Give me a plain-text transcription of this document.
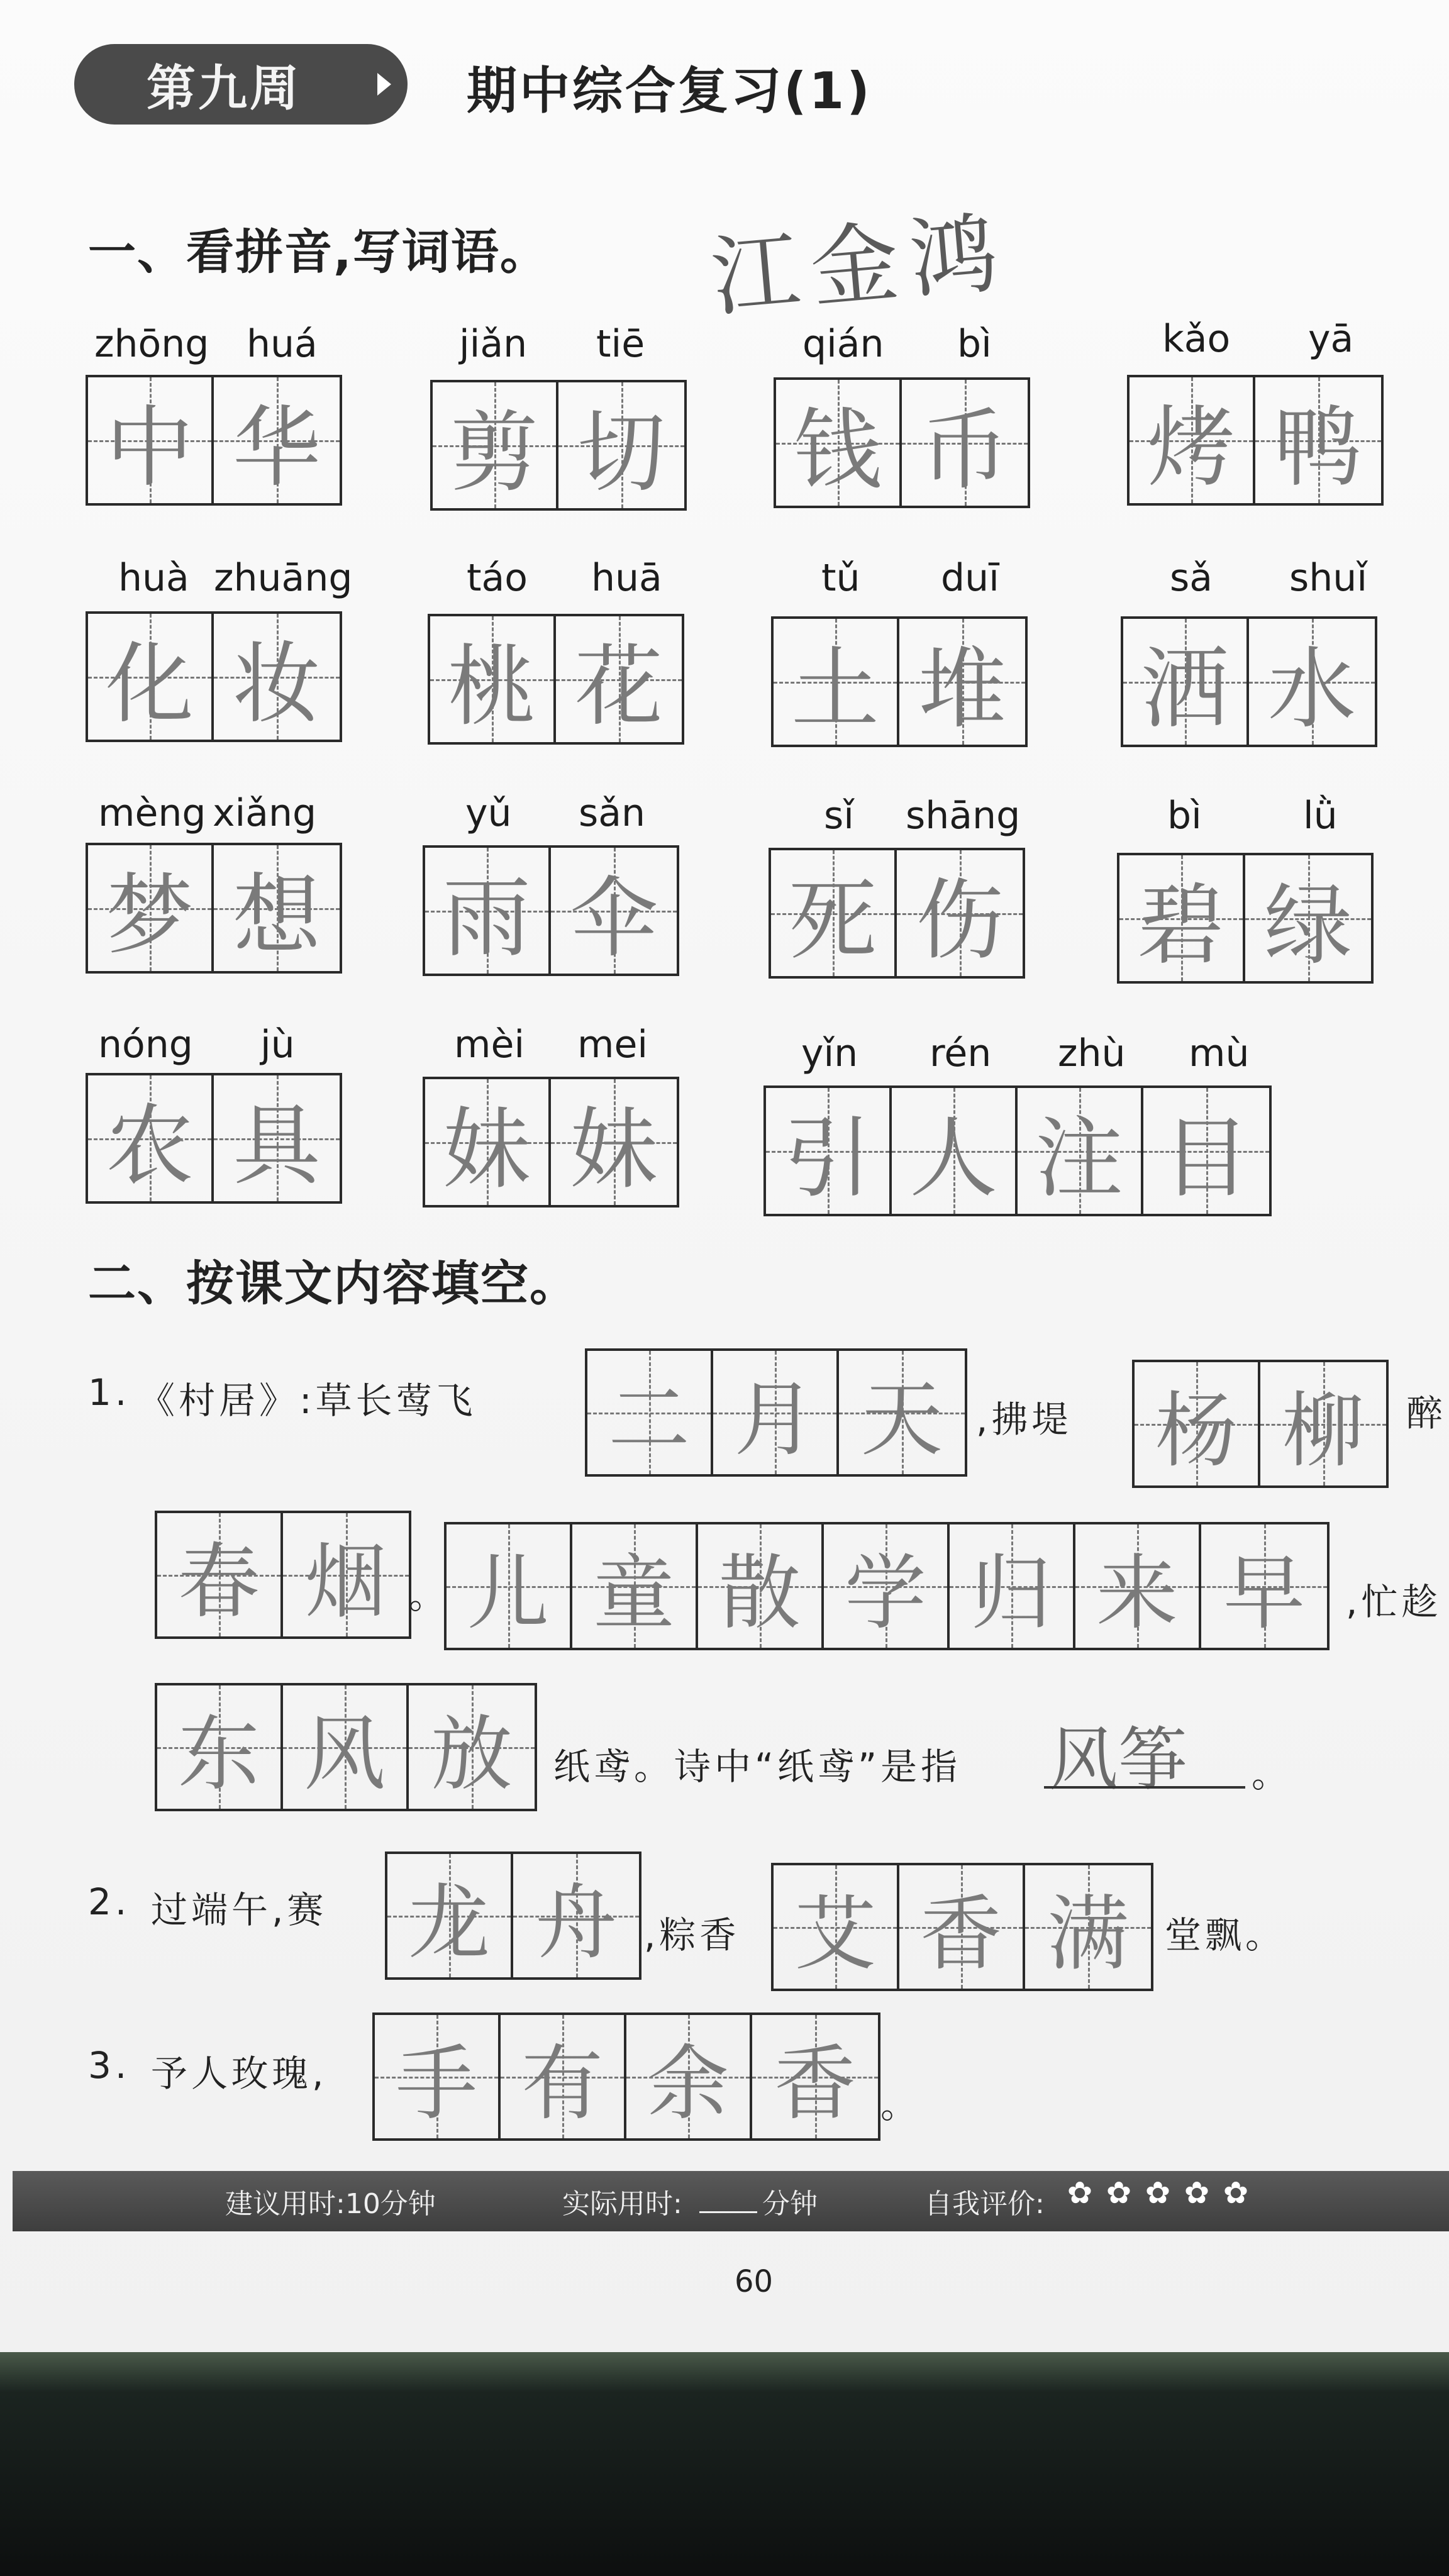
第九周	期中综合复习(1)
一、看拼音,写词语。 江金鸿
zhōng huá
中 华
jiǎn tiē
剪 切
qián bì
钱 币
kǎo yā
烤 鸭
huà zhuāng
化 妆
táo huā
桃 花
tǔ duī
土 堆
sǎ shuǐ
洒 水
mèng xiǎng
梦 想
yǔ sǎn
雨 伞
sǐ shāng
死 伤
bì	lǜ
碧 绿
nóng jù
农 具
mèi mei
妹 妹
yǐn rén zhù mù
引 人 注 目
二、按课文内容填空。
1. 《村居》:草长莺飞 二 月 天 ,拂堤 杨 柳 醉
春 烟 。 儿 童 散 学 归 来 早 ,忙趁
东 风 放 纸鸢。诗中“纸鸢”是指 风筝 。
2. 过端午,赛 龙 舟 ,粽香 艾 香 满 堂飘。
3. 予人玫瑰, 手 有 余 香 。
建议用时:10分钟	实际用时:	分钟	自我评价: ✿ ✿ ✿ ✿ ✿
60
